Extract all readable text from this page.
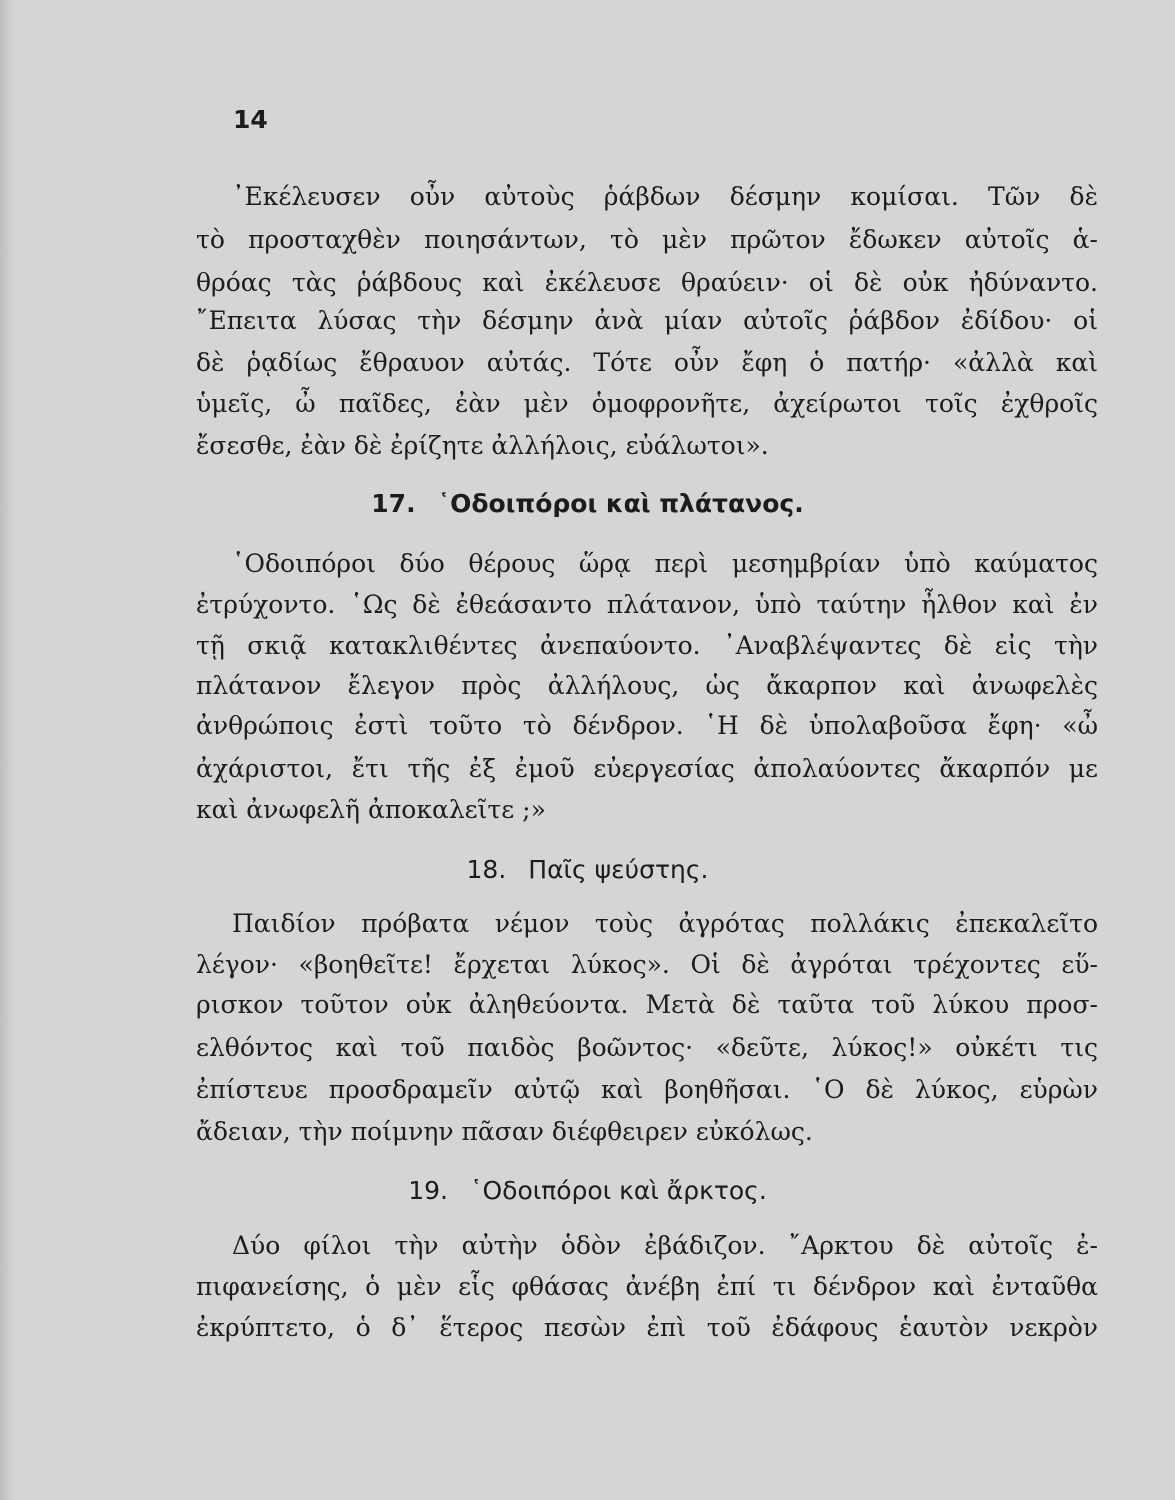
14
᾿Εκέλευσεν οὖν αὐτοὺς ῥάβδων δέσμην κομίσαι. Τῶν δὲ
τὸ προσταχθὲν ποιησάντων, τὸ μὲν πρῶτον ἔδωκεν αὐτοῖς ἁ-
θρόας τὰς ῥάβδους καὶ ἐκέλευσε θραύειν· οἱ δὲ οὐκ ἠδύναντο.
῎Επειτα λύσας τὴν δέσμην ἀνὰ μίαν αὐτοῖς ῥάβδον ἐδίδου· οἱ
δὲ ῥᾳδίως ἔθραυον αὐτάς. Τότε οὖν ἔφη ὁ πατήρ· «ἀλλὰ καὶ
ὑμεῖς, ὦ παῖδες, ἐὰν μὲν ὁμοφρονῆτε, ἀχείρωτοι τοῖς ἐχθροῖς
ἔσεσθε, ἐὰν δὲ ἐρίζητε ἀλλήλοις, εὐάλωτοι».
17. ῾Οδοιπόροι καὶ πλάτανος.
῾Οδοιπόροι δύο θέρους ὥρᾳ περὶ μεσημβρίαν ὑπὸ καύματος
ἐτρύχοντο. ῾Ως δὲ ἐθεάσαντο πλάτανον, ὑπὸ ταύτην ἦλθον καὶ ἐν
τῇ σκιᾷ κατακλιθέντες ἀνεπαύοντο. ᾿Αναβλέψαντες δὲ εἰς τὴν
πλάτανον ἔλεγον πρὸς ἀλλήλους, ὡς ἄκαρπον καὶ ἀνωφελὲς
ἀνθρώποις ἐστὶ τοῦτο τὸ δένδρον. ῾Η δὲ ὑπολαβοῦσα ἔφη· «ὦ
ἀχάριστοι, ἔτι τῆς ἐξ ἐμοῦ εὐεργεσίας ἀπολαύοντες ἄκαρπόν με
καὶ ἀνωφελῆ ἀποκαλεῖτε ;»
18. Παῖς ψεύστης.
Παιδίον πρόβατα νέμον τοὺς ἀγρότας πολλάκις ἐπεκαλεῖτο
λέγον· «βοηθεῖτε! ἔρχεται λύκος». Οἱ δὲ ἀγρόται τρέχοντες εὕ-
ρισκον τοῦτον οὐκ ἀληθεύοντα. Μετὰ δὲ ταῦτα τοῦ λύκου προσ-
ελθόντος καὶ τοῦ παιδὸς βοῶντος· «δεῦτε, λύκος!» οὐκέτι τις
ἐπίστευε προσδραμεῖν αὐτῷ καὶ βοηθῆσαι. ῾Ο δὲ λύκος, εὑρὼν
ἄδειαν, τὴν ποίμνην πᾶσαν διέφθειρεν εὐκόλως.
19. ῾Οδοιπόροι καὶ ἄρκτος.
Δύο φίλοι τὴν αὐτὴν ὁδὸν ἐβάδιζον. ῎Αρκτου δὲ αὐτοῖς ἐ-
πιφανείσης, ὁ μὲν εἷς φθάσας ἀνέβη ἐπί τι δένδρον καὶ ἐνταῦθα
ἐκρύπτετο, ὁ δ᾿ ἕτερος πεσὼν ἐπὶ τοῦ ἐδάφους ἑαυτὸν νεκρὸν
